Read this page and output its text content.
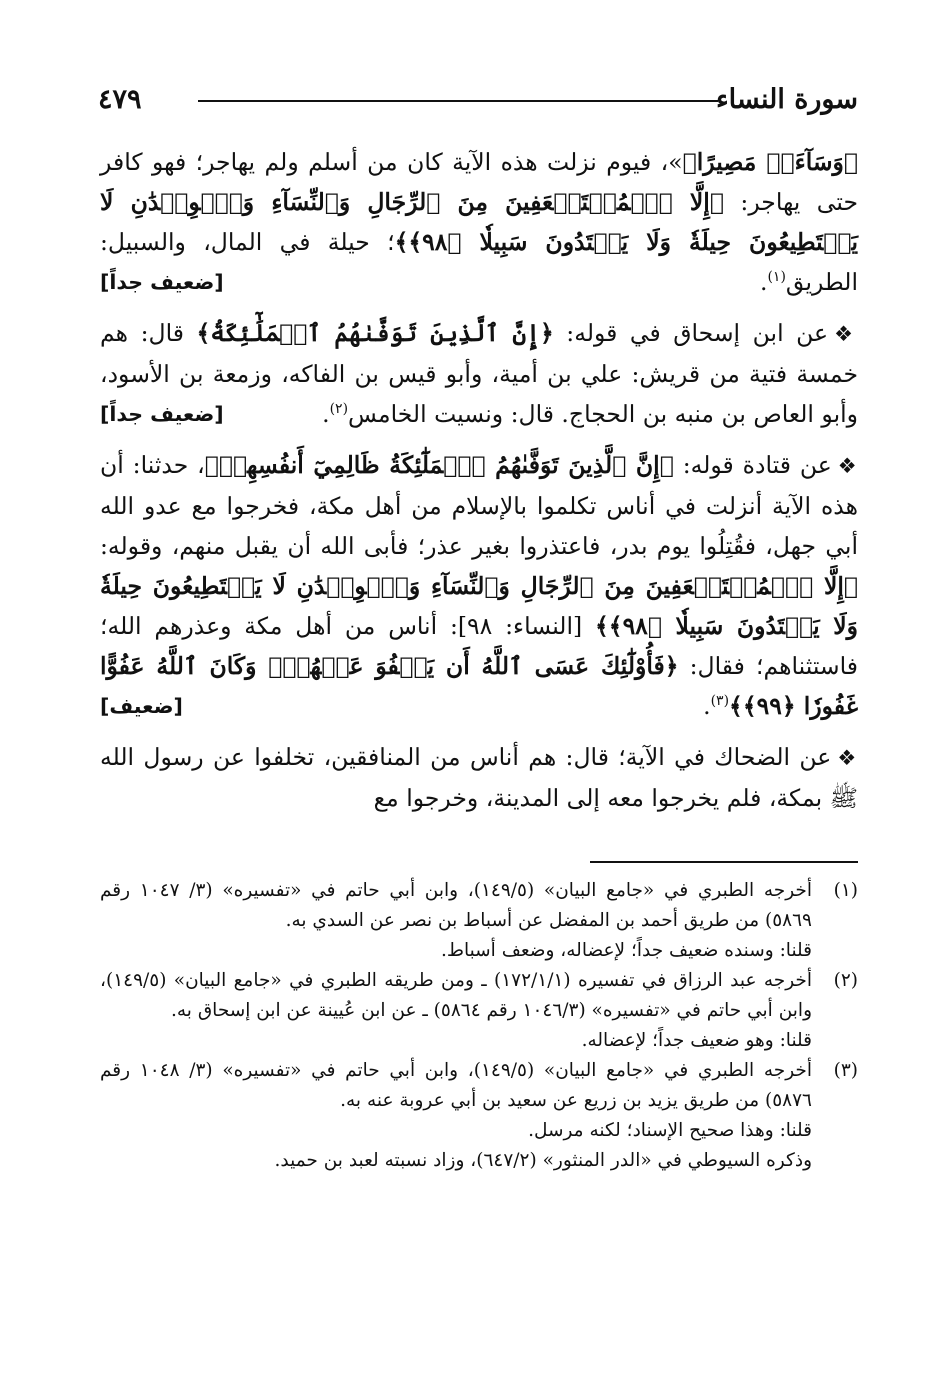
سورة النساء
٤٧٩

﴿وَسَآءَتۡ مَصِيرًا﴾»، فيوم نزلت هذه الآية كان من أسلم ولم يهاجر؛ فهو كافر حتى يهاجر: ﴿إِلَّا ٱلۡمُسۡتَضۡعَفِينَ مِنَ ٱلرِّجَالِ وَٱلنِّسَآءِ وَٱلۡوِلۡدَٰنِ لَا يَسۡتَطِيعُونَ حِيلَةٗ وَلَا يَهۡتَدُونَ سَبِيلٗا ﴿٩٨﴾﴾؛ حيلة في المال، والسبيل: الطريق$^{(١)}$.
[ضعيف جداً]

❖عن ابن إسحاق في قوله: ﴿إِنَّ ٱلَّذِينَ تَوَفَّىٰهُمُ ٱلۡمَلَٰٓئِكَةُ﴾ قال: هم خمسة فتية من قريش: علي بن أمية، وأبو قيس بن الفاكه، وزمعة بن الأسود، وأبو العاص بن منبه بن الحجاج. قال: ونسيت الخامس$^{(٢)}$.
[ضعيف جداً]

❖عن قتادة قوله: ﴿إِنَّ ٱلَّذِينَ تَوَفَّىٰهُمُ ٱلۡمَلَٰٓئِكَةُ ظَالِمِيٓ أَنفُسِهِمۡ﴾، حدثنا: أن هذه الآية أنزلت في أناس تكلموا بالإسلام من أهل مكة، فخرجوا مع عدو الله أبي جهل، فقُتِلُوا يوم بدر، فاعتذروا بغير عذر؛ فأبى الله أن يقبل منهم، وقوله: ﴿إِلَّا ٱلۡمُسۡتَضۡعَفِينَ مِنَ ٱلرِّجَالِ وَٱلنِّسَآءِ وَٱلۡوِلۡدَٰنِ لَا يَسۡتَطِيعُونَ حِيلَةٗ وَلَا يَهۡتَدُونَ سَبِيلٗا ﴿٩٨﴾﴾ [النساء: ٩٨]: أناس من أهل مكة وعذرهم الله؛ فاستثناهم؛ فقال: ﴿فَأُوْلَٰٓئِكَ عَسَى ٱللَّهُ أَن يَعۡفُوَ عَنۡهُمۡۚ وَكَانَ ٱللَّهُ عَفُوًّا غَفُورٗا ﴿٩٩﴾﴾$^{(٣)}$.
[ضعيف]

❖عن الضحاك في الآية؛ قال: هم أناس من المنافقين، تخلفوا عن رسول الله ﷺ بمكة، فلم يخرجوا معه إلى المدينة، وخرجوا مع

(١)

أخرجه الطبري في «جامع البيان» (١٤٩/٥)، وابن أبي حاتم في «تفسيره» (٣/ ١٠٤٧ رقم ٥٨٦٩) من طريق أحمد بن المفضل عن أسباط بن نصر عن السدي به.

قلنا: وسنده ضعيف جداً؛ لإعضاله، وضعف أسباط.

(٢)

أخرجه عبد الرزاق في تفسيره (١٧٢/١/١) ـ ومن طريقه الطبري في «جامع البيان» (١٤٩/٥)، وابن أبي حاتم في «تفسيره» (١٠٤٦/٣ رقم ٥٨٦٤) ـ عن ابن عُيينة عن ابن إسحاق به.

قلنا: وهو ضعيف جداً؛ لإعضاله.

(٣)

أخرجه الطبري في «جامع البيان» (١٤٩/٥)، وابن أبي حاتم في «تفسيره» (٣/ ١٠٤٨ رقم ٥٨٧٦) من طريق يزيد بن زريع عن سعيد بن أبي عروبة عنه به.

قلنا: وهذا صحيح الإسناد؛ لكنه مرسل.

وذكره السيوطي في «الدر المنثور» (٦٤٧/٢)، وزاد نسبته لعبد بن حميد.
